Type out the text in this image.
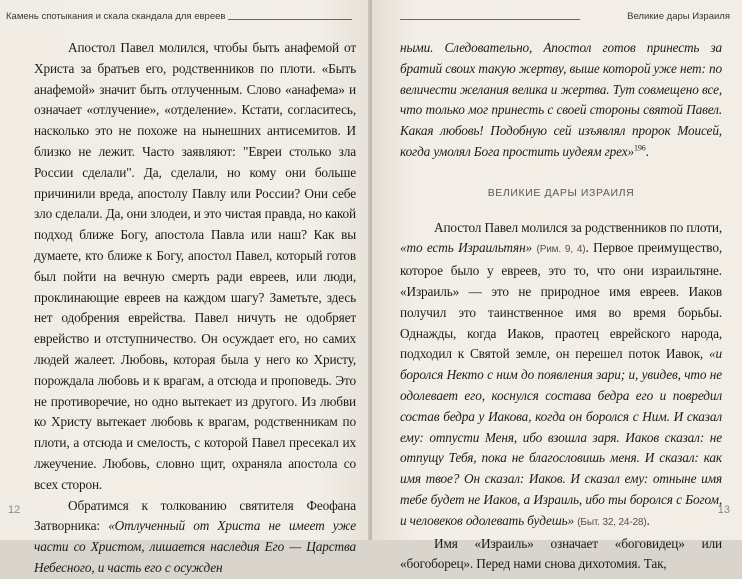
Камень спотыкания и скала скандала для евреев

Апостол Павел молился, чтобы быть анафемой от Христа за братьев его, родственников по плоти. «Быть анафемой» значит быть отлученным. Слово «анафема» и означает «отлучение», «отделение». Кстати, согласитесь, насколько это не похоже на нынешних антисемитов. И близко не лежит. Часто заявляют: "Евреи столько зла России сделали". Да, сделали, но кому они больше причинили вреда, апостолу Павлу или России? Они себе зло сделали. Да, они злодеи, и это чистая правда, но какой подход ближе Богу, апостола Павла или наш? Как вы думаете, кто ближе к Богу, апостол Павел, который готов был пойти на вечную смерть ради евреев, или люди, проклинающие евреев на каждом шагу? Заметьте, здесь нет одобрения еврейства. Павел ничуть не одобряет еврейство и отступничество. Он осуждает его, но самих людей жалеет. Любовь, которая была у него ко Христу, порождала любовь и к врагам, а отсюда и проповедь. Это не противоречие, но одно вытекает из другого. Из любви ко Христу вытекает любовь к врагам, родственникам по плоти, а отсюда и смелость, с которой Павел пресекал их лжеучение. Любовь, словно щит, охраняла апостола со всех сторон.

Обратимся к толкованию святителя Феофана Затворника: «Отлученный от Христа не имеет уже части со Христом, лишается наследия Его — Царства Небесного, и часть его с осужден

12
Великие дары Израиля

ными. Следовательно, Апостол готов принесть за братий своих такую жертву, выше которой уже нет: по величести желания велика и жертва. Тут совмещено все, что только мог принесть с своей стороны святой Павел. Какая любовь! Подобную сей изъявлял пророк Моисей, когда умолял Бога простить иудеям грех»$^{196}$.

ВЕЛИКИЕ ДАРЫ ИЗРАИЛЯ

Апостол Павел молился за родственников по плоти, «то есть Израильтян» (Рим. 9, 4). Первое преимущество, которое было у евреев, это то, что они израильтяне. «Израиль» — это не природное имя евреев. Иаков получил это таинственное имя во время борьбы. Однажды, когда Иаков, праотец еврейского народа, подходил к Святой земле, он перешел поток Иавок, «и боролся Некто с ним до появления зари; и, увидев, что не одолевает его, коснулся состава бедра его и повредил состав бедра у Иакова, когда он боролся с Ним. И сказал ему: отпусти Меня, ибо взошла заря. Иаков сказал: не отпущу Тебя, пока не благословишь меня. И сказал: как имя твое? Он сказал: Иаков. И сказал ему: отныне имя тебе будет не Иаков, а Израиль, ибо ты боролся с Богом, и человеков одолевать будешь» (Быт. 32, 24-28).

Имя «Израиль» означает «боговидец» или «богоборец». Перед нами снова дихотомия. Так,

13
